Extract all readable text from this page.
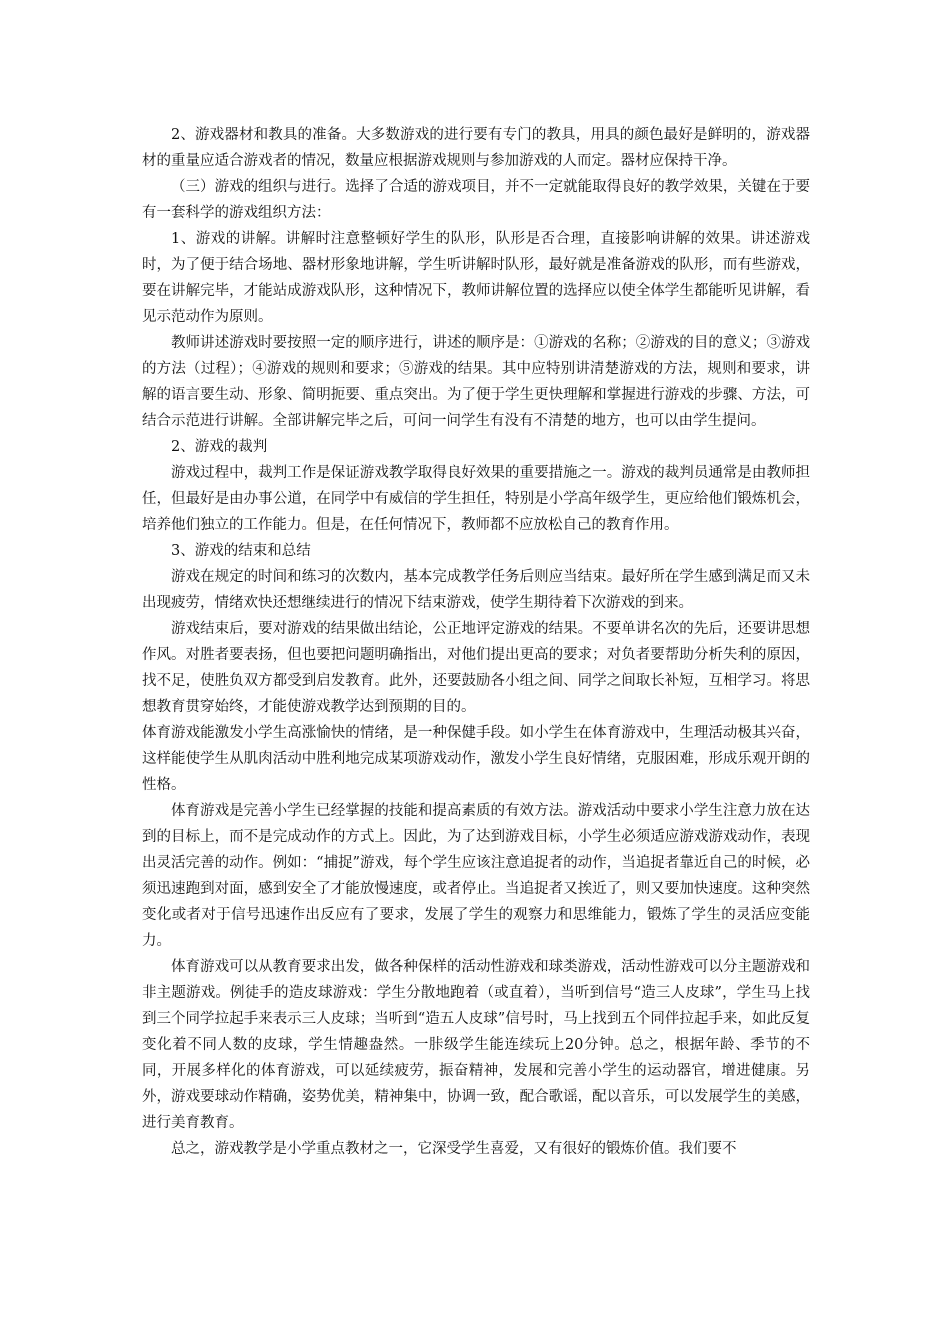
2、游戏器材和教具的准备。大多数游戏的进行要有专门的教具，用具的颜色最好是鲜明的，游戏器材的重量应适合游戏者的情况，数量应根据游戏规则与参加游戏的人而定。器材应保持干净。

（三）游戏的组织与进行。选择了合适的游戏项目，并不一定就能取得良好的教学效果，关键在于要有一套科学的游戏组织方法：

1、游戏的讲解。讲解时注意整顿好学生的队形，队形是否合理，直接影响讲解的效果。讲述游戏时，为了便于结合场地、器材形象地讲解，学生听讲解时队形，最好就是准备游戏的队形，而有些游戏，要在讲解完毕，才能站成游戏队形，这种情况下，教师讲解位置的选择应以使全体学生都能听见讲解，看见示范动作为原则。

教师讲述游戏时要按照一定的顺序进行，讲述的顺序是：①游戏的名称；②游戏的目的意义；③游戏的方法（过程）；④游戏的规则和要求；⑤游戏的结果。其中应特别讲清楚游戏的方法，规则和要求，讲解的语言要生动、形象、简明扼要、重点突出。为了便于学生更快理解和掌握进行游戏的步骤、方法，可结合示范进行讲解。全部讲解完毕之后，可问一问学生有没有不清楚的地方，也可以由学生提问。

2、游戏的裁判

游戏过程中，裁判工作是保证游戏教学取得良好效果的重要措施之一。游戏的裁判员通常是由教师担任，但最好是由办事公道，在同学中有威信的学生担任，特别是小学高年级学生，更应给他们锻炼机会，培养他们独立的工作能力。但是，在任何情况下，教师都不应放松自己的教育作用。

3、游戏的结束和总结

游戏在规定的时间和练习的次数内，基本完成教学任务后则应当结束。最好所在学生感到满足而又未出现疲劳，情绪欢快还想继续进行的情况下结束游戏，使学生期待着下次游戏的到来。

游戏结束后，要对游戏的结果做出结论，公正地评定游戏的结果。不要单讲名次的先后，还要讲思想作风。对胜者要表扬，但也要把问题明确指出，对他们提出更高的要求；对负者要帮助分析失利的原因，找不足，使胜负双方都受到启发教育。此外，还要鼓励各小组之间、同学之间取长补短，互相学习。将思想教育贯穿始终，才能使游戏教学达到预期的目的。

体育游戏能激发小学生高涨愉快的情绪，是一种保健手段。如小学生在体育游戏中，生理活动极其兴奋，这样能使学生从肌肉活动中胜利地完成某项游戏动作，激发小学生良好情绪，克服困难，形成乐观开朗的性格。

体育游戏是完善小学生已经掌握的技能和提高素质的有效方法。游戏活动中要求小学生注意力放在达到的目标上，而不是完成动作的方式上。因此，为了达到游戏目标，小学生必须适应游戏游戏动作，表现出灵活完善的动作。例如：“捕捉”游戏，每个学生应该注意追捉者的动作，当追捉者靠近自己的时候，必须迅速跑到对面，感到安全了才能放慢速度，或者停止。当追捉者又挨近了，则又要加快速度。这种突然变化或者对于信号迅速作出反应有了要求，发展了学生的观察力和思维能力，锻炼了学生的灵活应变能力。

体育游戏可以从教育要求出发，做各种保样的活动性游戏和球类游戏，活动性游戏可以分主题游戏和非主题游戏。例徒手的造皮球游戏：学生分散地跑着（或直着），当听到信号“造三人皮球”，学生马上找到三个同学拉起手来表示三人皮球；当听到“造五人皮球”信号时，马上找到五个同伴拉起手来，如此反复变化着不同人数的皮球，学生情趣盎然。一胩级学生能连续玩上20分钟。总之，根据年龄、季节的不同，开展多样化的体育游戏，可以延续疲劳，振奋精神，发展和完善小学生的运动器官，增进健康。另外，游戏要球动作精确，姿势优美，精神集中，协调一致，配合歌谣，配以音乐，可以发展学生的美感，进行美育教育。

总之，游戏教学是小学重点教材之一，它深受学生喜爱，又有很好的锻炼价值。我们要不
